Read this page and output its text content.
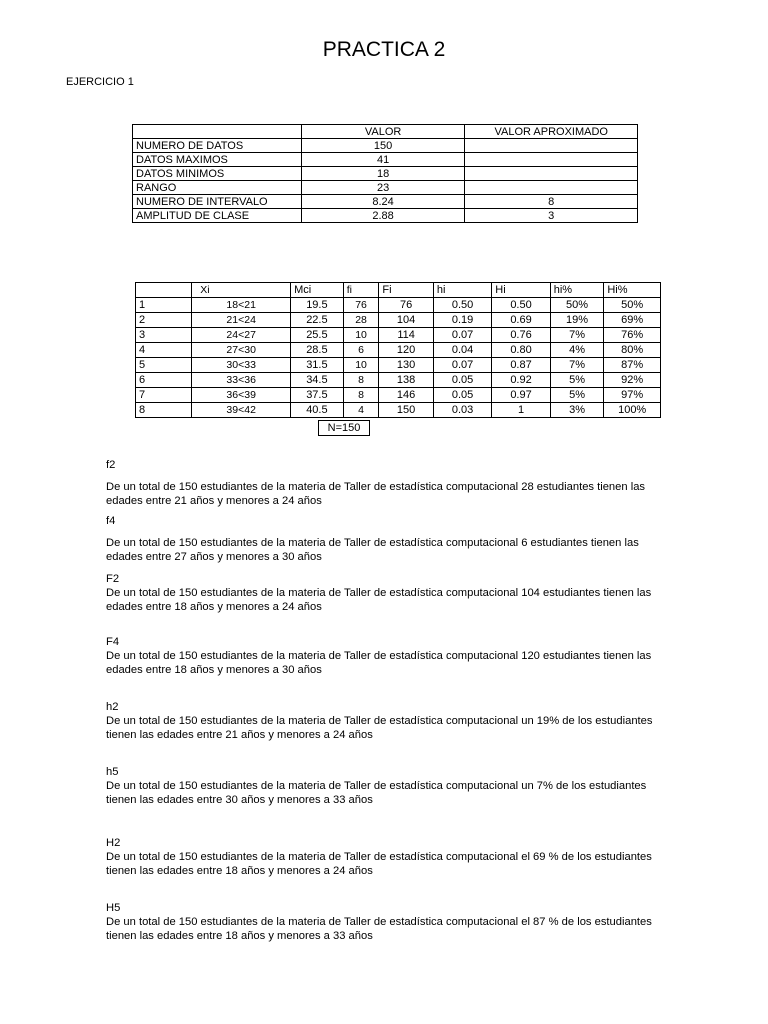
PRACTICA 2
EJERCICIO 1
	VALOR	VALOR APROXIMADO
NUMERO DE DATOS	150	
DATOS MAXIMOS	41	
DATOS MINIMOS	18	
RANGO	23	
NUMERO DE INTERVALO	8.24	8
AMPLITUD DE CLASE	2.88	3
	Xi	Mci	fi	Fi	hi	Hi	hi%	Hi%
1	18<21	19.5	76	76	0.50	0.50	50%	50%
2	21<24	22.5	28	104	0.19	0.69	19%	69%
3	24<27	25.5	10	114	0.07	0.76	7%	76%
4	27<30	28.5	6	120	0.04	0.80	4%	80%
5	30<33	31.5	10	130	0.07	0.87	7%	87%
6	33<36	34.5	8	138	0.05	0.92	5%	92%
7	36<39	37.5	8	146	0.05	0.97	5%	97%
8	39<42	40.5	4	150	0.03	1	3%	100%
N=150
f2
De un total de 150 estudiantes de la materia de Taller de estadística computacional 28 estudiantes tienen las edades entre 21 años y menores a 24 años
f4
De un total de 150 estudiantes de la materia de Taller de estadística computacional 6 estudiantes tienen las edades entre 27 años y menores a 30 años
F2
De un total de 150 estudiantes de la materia de Taller de estadística computacional 104 estudiantes tienen las edades entre 18 años y menores a 24 años
F4
De un total de 150 estudiantes de la materia de Taller de estadística computacional 120 estudiantes tienen las edades entre 18 años y menores a 30 años
h2
De un total de 150 estudiantes de la materia de Taller de estadística computacional un 19% de los estudiantes tienen las edades entre 21 años y menores a 24 años
h5
De un total de 150 estudiantes de la materia de Taller de estadística computacional un 7% de los estudiantes tienen las edades entre 30 años y menores a 33 años
H2
De un total de 150 estudiantes de la materia de Taller de estadística computacional el 69 % de los estudiantes tienen las edades entre 18 años y menores a 24 años
H5
De un total de 150 estudiantes de la materia de Taller de estadística computacional el 87 % de los estudiantes tienen las edades entre 18 años y menores a 33 años
